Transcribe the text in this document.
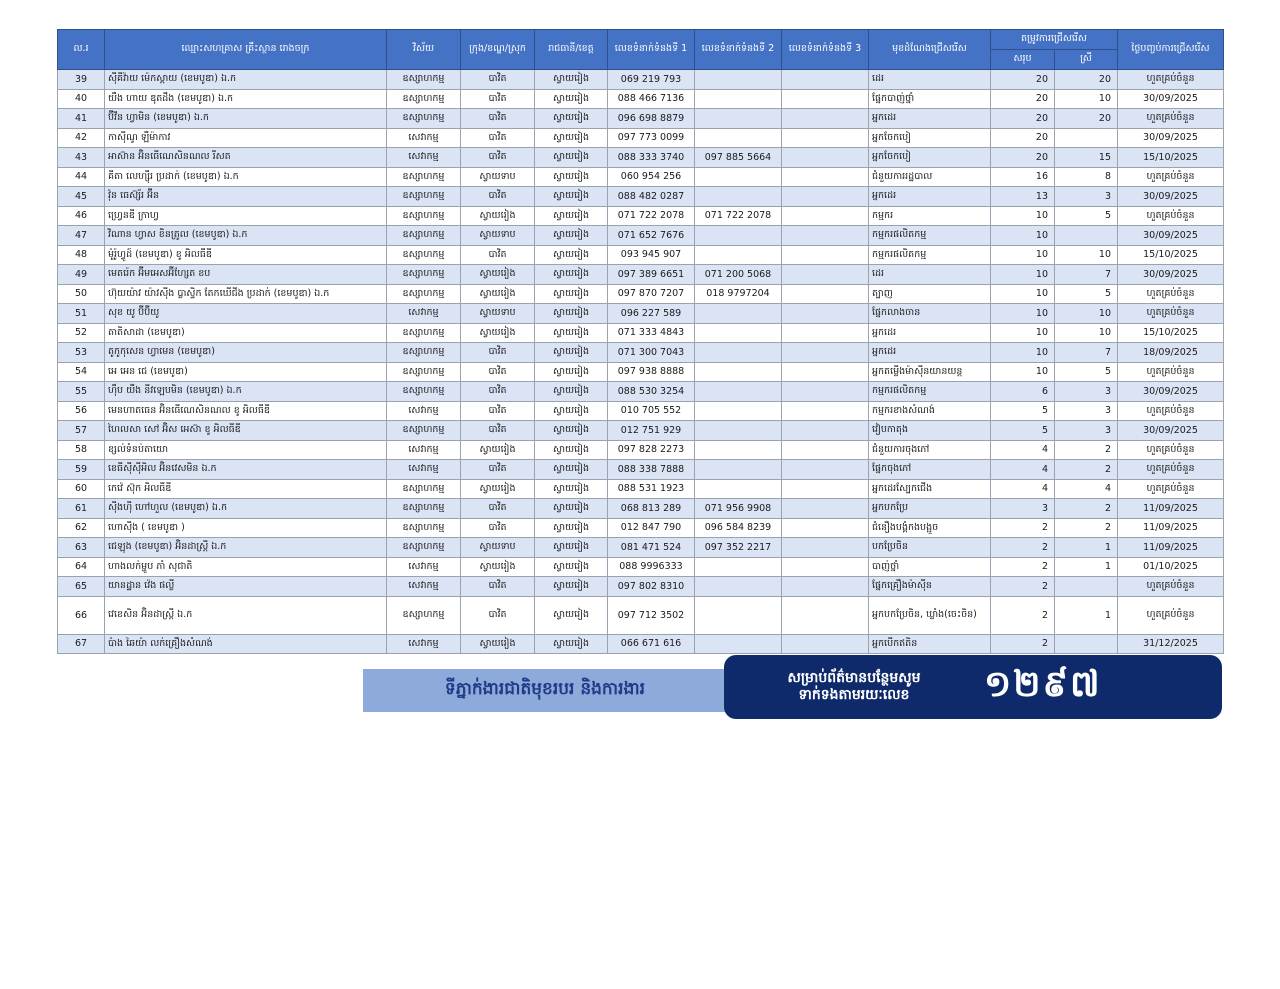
ល.រ	ឈ្មោះសហគ្រាស គ្រឹះស្ថាន រោងចក្រ	វិស័យ	ក្រុង/ខណ្ឌ/ស្រុក	រាជធានី/ខេត្ត	លេខទំនាក់ទំនងទី 1	លេខទំនាក់ទំនងទី 2	លេខទំនាក់ទំនងទី 3	មុខដំណែងជ្រើសរើស	តម្រូវការជ្រើសរើស		ថ្ងៃបញ្ចប់ការជ្រើសរើស
									សរុប	ស្រី	
39	ស៊ីគីវ៉ាយ ម៉េកស្តាយ (ខេមបូឌា) ឯ.ក	ឧស្សាហកម្ម	បាវិត	ស្វាយរៀង	069 219 793			ដេរ	20	20	ហួតគ្រប់ចំនួន
40	យឺង ហាយ ឌុតដឹង (ខេមបូឌា) ឯ.ក	ឧស្សាហកម្ម	បាវិត	ស្វាយរៀង	088 466 7136			ផ្នែកបាញ់ថ្នាំ	20	10	30/09/2025
41	ប៊ីវីន ហ្វាមិន (ខេមបូឌា) ឯ.ក	ឧស្សាហកម្ម	បាវិត	ស្វាយរៀង	096 698 8879			អ្នកដេរ	20	20	ហួតគ្រប់ចំនួន
42	កាស៊ីណូ ឡឺម៉ាកាវ	សេវាកម្ម	បាវិត	ស្វាយរៀង	097 773 0099			អ្នកចែកបៀ	20		30/09/2025
43	អាស៊ាន អ៊ិនធើណេសិនណល រីសត	សេវាកម្ម	បាវិត	ស្វាយរៀង	088 333 3740	097 885 5664		អ្នកចែកបៀ	20	15	15/10/2025
44	គីតា លេហ្ស៊ីរ ប្រដាក់ (ខេមបូឌា) ឯ.ក	ឧស្សាហកម្ម	ស្វាយទាប	ស្វាយរៀង	060 954 256			ជំនួយការរដ្ឋបាល	16	8	ហួតគ្រប់ចំនួន
45	វ៉ុន ធេស៊្ស័រ អ៊ីន	ឧស្សាហកម្ម	បាវិត	ស្វាយរៀង	088 482 0287			អ្នកដេរ	13	3	30/09/2025
46	ហ្វ្រេនឌី ក្រាហ្វ	ឧស្សាហកម្ម	ស្វាយរៀង	ស្វាយរៀង	071 722 2078	071 722 2078		កម្មករ	10	5	ហួតគ្រប់ចំនួន
47	វិណាន ហ្វាស ខិនត្រូល (ខេមបូឌា) ឯ.ក	ឧស្សាហកម្ម	ស្វាយទាប	ស្វាយរៀង	071 652 7676			កម្មករផលិតកម្ម	10		30/09/2025
48	ម៉ូរ៉ូហ្វូដ៍ (ខេមបូឌា) ខូ អិលធីឌី	ឧស្សាហកម្ម	បាវិត	ស្វាយរៀង	093 945 907			កម្មករផលិតកម្ម	10	10	15/10/2025
49	មេតរ៉េក អ៊ីមអេសអ៊ីហ្សែត ខប	ឧស្សាហកម្ម	ស្វាយរៀង	ស្វាយរៀង	097 389 6651	071 200 5068		ដេរ	10	7	30/09/2025
50	ហ៊ុយយ៉ាវ យ៉ាវស៊ីង ប្លាស្ទិក តែកឃើជីង ប្រដាក់ (ខេមបូឌា) ឯ.ក	ឧស្សាហកម្ម	ស្វាយរៀង	ស្វាយរៀង	097 870 7207	018 9797204		ត្បាញ	10	5	ហួតគ្រប់ចំនួន
51	សុខ យូ ប៊ីប៊ីយូ	សេវាកម្ម	ស្វាយទាប	ស្វាយរៀង	096 227 589			ផ្នែកលាងចាន	10	10	ហួតគ្រប់ចំនួន
52	តាតិសាដា (ខេមបូឌា)	ឧស្សាហកម្ម	ស្វាយរៀង	ស្វាយរៀង	071 333 4843			អ្នកដេរ	10	10	15/10/2025
53	តូកូកុសេន ហ្វាមេន (ខេមបូឌា)	ឧស្សាហកម្ម	បាវិត	ស្វាយរៀង	071 300 7043			អ្នកដេរ	10	7	18/09/2025
54	អេ អេន ជេ (ខេមបូឌា)	ឧស្សាហកម្ម	បាវិត	ស្វាយរៀង	097 938 8888			អ្នកតម្លើងម៉ាស៊ីនយានយន្ត	10	5	ហួតគ្រប់ចំនួន
55	ហ៊ឹប យឺង នីវឡេបមិន (ខេមបូឌា) ឯ.ក	ឧស្សាហកម្ម	បាវិត	ស្វាយរៀង	088 530 3254			កម្មករផលិតកម្ម	6	3	30/09/2025
56	មេនហាតធេន អ៊ិនធើណេសិនណល ខូ អិលធីឌី	សេវាកម្ម	បាវិត	ស្វាយរៀង	010 705 552			កម្មករខាងសំណង់	5	3	ហួតគ្រប់ចំនួន
57	ហៃលសា សៅ អ៊ិស អេស៊ា ខូ អិលធីឌី	ឧស្សាហកម្ម	បាវិត	ស្វាយរៀង	012 751 929			វៀបកាតុង	5	3	30/09/2025
58	ខ្សល់ទំនប់តាយោ	សេវាកម្ម	ស្វាយរៀង	ស្វាយរៀង	097 828 2273			ជំនួយការចុងភៅ	4	2	ហួតគ្រប់ចំនួន
59	ខេធីស៊ីស៊ីអិល អ៊ិនវេសមិន ឯ.ក	សេវាកម្ម	បាវិត	ស្វាយរៀង	088 338 7888			ផ្នែកចុងភៅ	4	2	ហួតគ្រប់ចំនួន
60	កេវ៉េ ស៊ុក អិលធីឌី	ឧស្សាហកម្ម	ស្វាយរៀង	ស្វាយរៀង	088 531 1923			អ្នកដេរស្បែកជើង	4	4	ហួតគ្រប់ចំនួន
61	ស៊ីងហ៊ី ហៅហួល (ខេមបូឌា) ឯ.ក	ឧស្សាហកម្ម	បាវិត	ស្វាយរៀង	068 813 289	071 956 9908		អ្នកបកប្រែ	3	2	11/09/2025
62	ហោស៊ីង ( ខេមបូឌា )	ឧស្សាហកម្ម	បាវិត	ស្វាយរៀង	012 847 790	096 584 8239		ជំនឿងបង្គំកងបង្អួច	2	2	11/09/2025
63	ជេឡុង (ខេមបូឌា) អ៊ិនដាស្ត្រី ឯ.ក	ឧស្សាហកម្ម	ស្វាយទាប	ស្វាយរៀង	081 471 524	097 352 2217		បកប្រែចិន	2	1	11/09/2025
64	ហាងលក់ម្ហូប ភាំ សុជាតិ	សេវាកម្ម	ស្វាយរៀង	ស្វាយរៀង	088 9996333			បាញ់ថ្នាំ	2	1	01/10/2025
65	យានដ្ឋាន វ៉េង ផល្លី	សេវាកម្ម	បាវិត	ស្វាយរៀង	097 802 8310			ផ្នែកគ្រឿងម៉ាស៊ីន	2		ហួតគ្រប់ចំនួន
66	វេខេសិន អ៊ិនដាស្ត្រី ឯ.ក	ឧស្សាហកម្ម	បាវិត	ស្វាយរៀង	097 712 3502			អ្នកបកប្រែចិន, ឃ្លាំង(ចេះចិន)	2	1	ហួតគ្រប់ចំនួន
67	ប៉ាង ឆៃយ៉ា លក់គ្រឿងសំណង់	សេវាកម្ម	ស្វាយរៀង	ស្វាយរៀង	066 671 616			អ្នកបើកឥតិន	2		31/12/2025
ទីភ្នាក់ងារជាតិមុខរបរ និងការងារ
សម្រាប់ព័ត៌មានបន្ថែមសូម
ទាក់ទងតាមរយៈលេខ	១២៩៧
